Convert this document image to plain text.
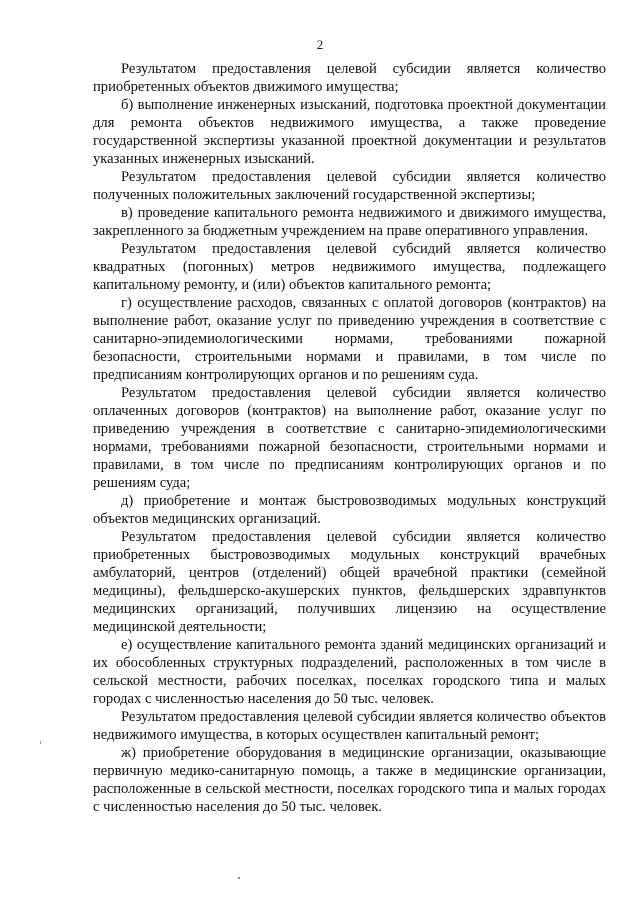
2

Результатом предоставления целевой субсидии является количество приобретенных объектов движимого имущества;

б) выполнение инженерных изысканий, подготовка проектной документации для ремонта объектов недвижимого имущества, а также проведение государственной экспертизы указанной проектной документации и результатов указанных инженерных изысканий.

Результатом предоставления целевой субсидии является количество полученных положительных заключений государственной экспертизы;

в) проведение капитального ремонта недвижимого и движимого имущества, закрепленного за бюджетным учреждением на праве оперативного управления.

Результатом предоставления целевой субсидий является количество квадратных (погонных) метров недвижимого имущества, подлежащего капитальному ремонту, и (или) объектов капитального ремонта;

г) осуществление расходов, связанных с оплатой договоров (контрактов) на выполнение работ, оказание услуг по приведению учреждения в соответствие с санитарно-эпидемиологическими нормами, требованиями пожарной безопасности, строительными нормами и правилами, в том числе по предписаниям контролирующих органов и по решениям суда.

Результатом предоставления целевой субсидии является количество оплаченных договоров (контрактов) на выполнение работ, оказание услуг по приведению учреждения в соответствие с санитарно-эпидемиологическими нормами, требованиями пожарной безопасности, строительными нормами и правилами, в том числе по предписаниям контролирующих органов и по решениям суда;

д) приобретение и монтаж быстровозводимых модульных конструкций объектов медицинских организаций.

Результатом предоставления целевой субсидии является количество приобретенных быстровозводимых модульных конструкций врачебных амбулаторий, центров (отделений) общей врачебной практики (семейной медицины), фельдшерско-акушерских пунктов, фельдшерских здравпунктов медицинских организаций, получивших лицензию на осуществление медицинской деятельности;

е) осуществление капитального ремонта зданий медицинских организаций и их обособленных структурных подразделений, расположенных в том числе в сельской местности, рабочих поселках, поселках городского типа и малых городах с численностью населения до 50 тыс. человек.

Результатом предоставления целевой субсидии является количество объектов недвижимого имущества, в которых осуществлен капитальный ремонт;

ж) приобретение оборудования в медицинские организации, оказывающие первичную медико-санитарную помощь, а также в медицинские организации, расположенные в сельской местности, поселках городского типа и малых городах с численностью населения до 50 тыс. человек.
